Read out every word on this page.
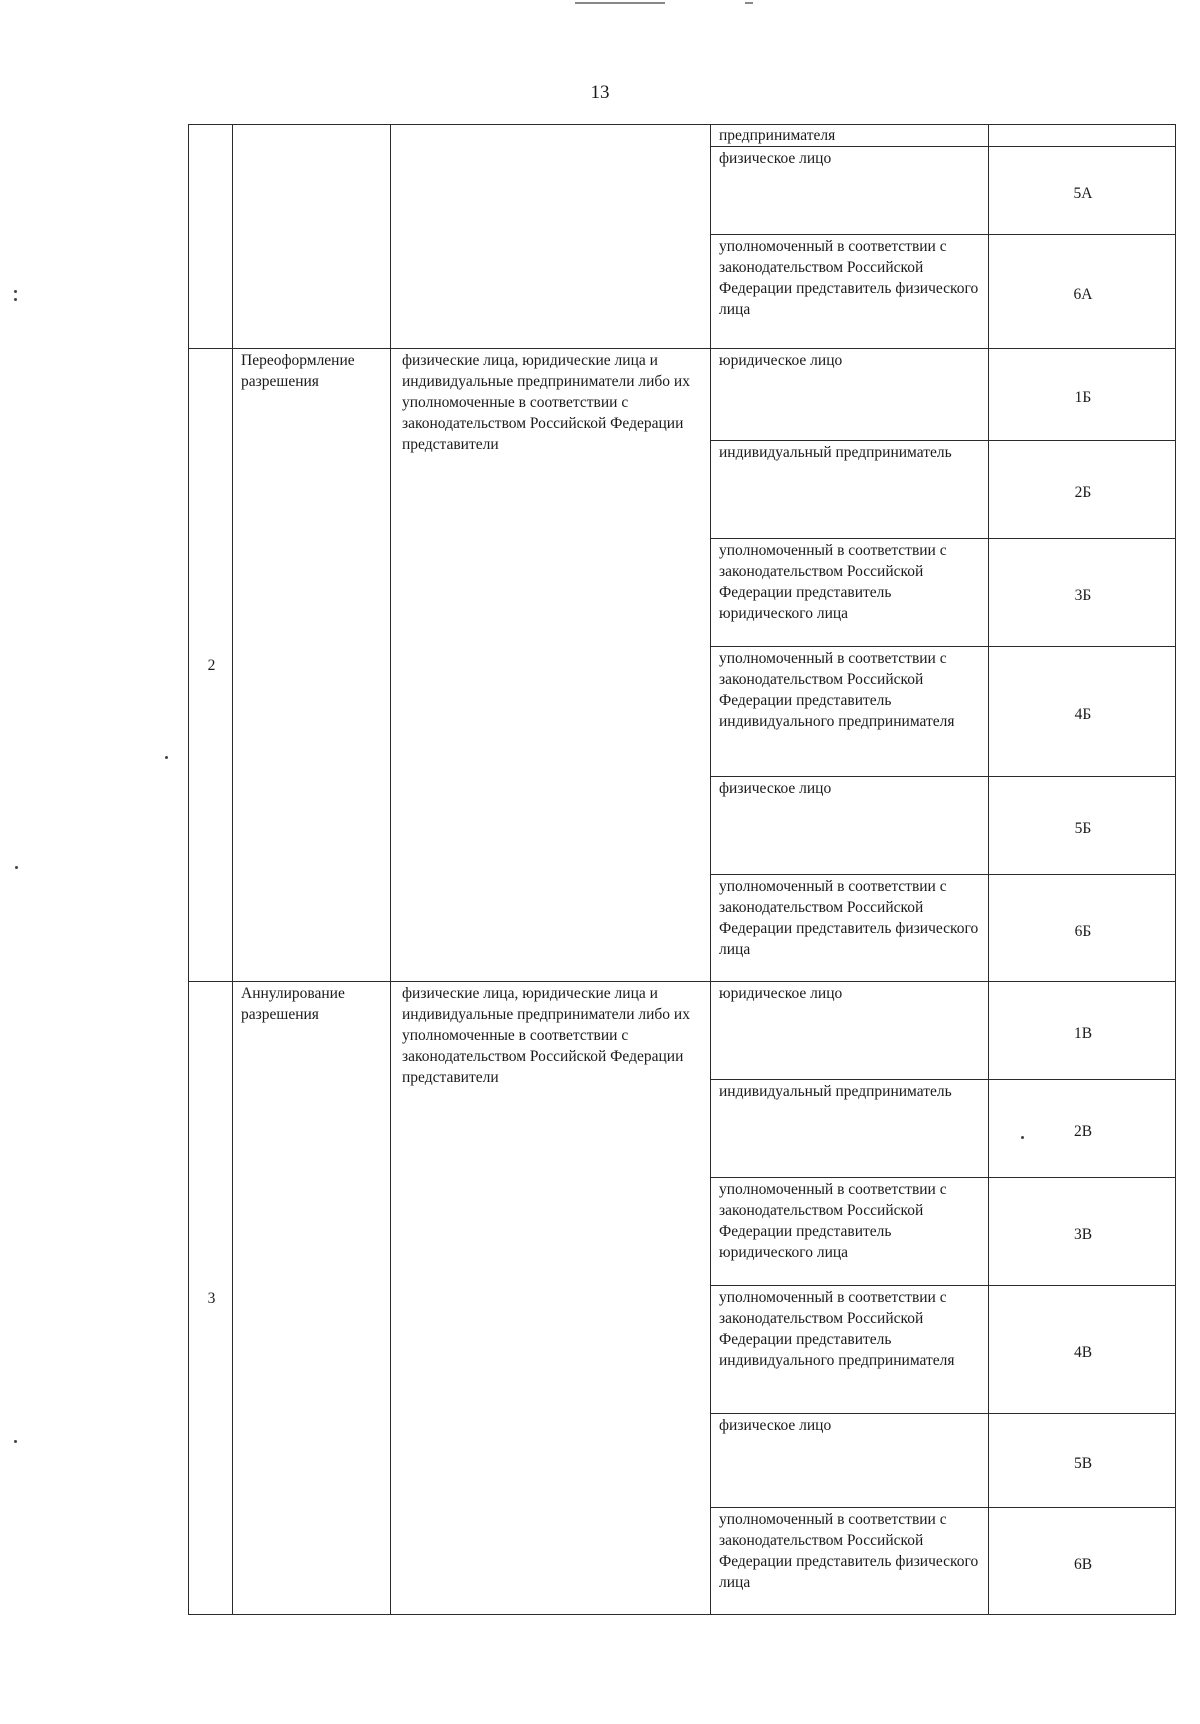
13
			предпринимателя	
			физическое лицо	5А
			уполномоченный в соответствии с законодательством Российской Федерации представитель физического лица	6А
2	Переоформление разрешения	физические лица, юридические лица и индивидуальные предприниматели либо их уполномоченные в соответствии с законодательством Российской Федерации представители	юридическое лицо	1Б
			индивидуальный предприниматель	2Б
			уполномоченный в соответствии с законодательством Российской Федерации представитель юридического лица	3Б
			уполномоченный в соответствии с законодательством Российской Федерации представитель индивидуального предпринимателя	4Б
			физическое лицо	5Б
			уполномоченный в соответствии с законодательством Российской Федерации представитель физического лица	6Б
3	Аннулирование разрешения	физические лица, юридические лица и индивидуальные предприниматели либо их уполномоченные в соответствии с законодательством Российской Федерации представители	юридическое лицо	1В
			индивидуальный предприниматель	2В
			уполномоченный в соответствии с законодательством Российской Федерации представитель юридического лица	3В
			уполномоченный в соответствии с законодательством Российской Федерации представитель индивидуального предпринимателя	4В
			физическое лицо	5В
			уполномоченный в соответствии с законодательством Российской Федерации представитель физического лица	6В
